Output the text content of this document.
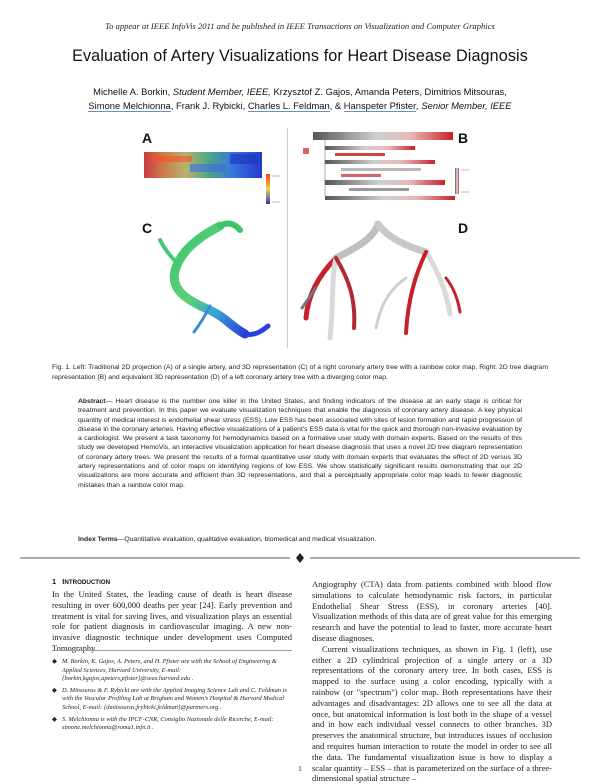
To appear at IEEE InfoVis 2011 and be published in IEEE Transactions on Visualization and Computer Graphics
Evaluation of Artery Visualizations for Heart Disease Diagnosis
Michelle A. Borkin, Student Member, IEEE, Krzysztof Z. Gajos, Amanda Peters, Dimitrios Mitsouras,
Simone Melchionna, Frank J. Rybicki, Charles L. Feldman, & Hanspeter Pfister, Senior Member, IEEE
A	B
C	D
Fig. 1. Left: Traditional 2D projection (A) of a single artery, and 3D representation (C) of a right coronary artery tree with a rainbow color map. Right: 2D tree diagram representation (B) and equivalent 3D representation (D) of a left coronary artery tree with a diverging color map.
Abstract— Heart disease is the number one killer in the United States, and finding indicators of the disease at an early stage is critical for treatment and prevention. In this paper we evaluate visualization techniques that enable the diagnosis of coronary artery disease. A key physical quantity of medical interest is endothelial shear stress (ESS). Low ESS has been associated with sites of lesion formation and rapid progression of disease in the coronary arteries. Having effective visualizations of a patient's ESS data is vital for the quick and thorough non-invasive evaluation by a cardiologist. We present a task taxonomy for hemodynamics based on a formative user study with domain experts. Based on the results of this study we developed HemoVis, an interactive visualization application for heart disease diagnosis that uses a novel 2D tree diagram representation of coronary artery trees. We present the results of a formal quantitative user study with domain experts that evaluates the effect of 2D versus 3D artery representations and of color maps on identifying regions of low ESS. We show statistically significant results demonstrating that our 2D visualizations are more accurate and efficient than 3D representations, and that a perceptually appropriate color map leads to fewer diagnostic mistakes than a rainbow color map.
Index Terms—Quantitative evaluation, qualitative evaluation, biomedical and medical visualization.
1 INTRODUCTION

In the United States, the leading cause of death is heart disease resulting in over 600,000 deaths per year [24]. Early prevention and treatment is vital for saving lives, and visualization plays an essential role for patient diagnosis in cardiovascular imaging. A new non-invasive diagnostic technique under development uses Computed Tomography

◆ M. Borkin, K. Gajos, A. Peters, and H. Pfister are with the School of Engineering & Applied Sciences, Harvard University, E-mail: {borkin,kgajos,apeters,pfister}@seas.harvard.edu .
◆ D. Mitsouras & F. Rybicki are with the Applied Imaging Science Lab and C. Feldman is with the Vascular Profiling Lab at Brigham and Women's Hospital & Harvard Medical School, E-mail: {dmitsouras,frybicki,feldman}@partners.org .
◆ S. Melchionna is with the IPCF-CNR, Consiglio Nazionale delle Ricerche, E-mail: simone.melchionna@roma1.infn.it .

Angiography (CTA) data from patients combined with blood flow simulations to calculate hemodynamic risk factors, in particular Endothelial Shear Stress (ESS), in coronary arteries [40]. Visualization methods of this data are of great value for this emerging research and have the potential to lead to faster, more accurate heart disease diagnoses.

Current visualizations techniques, as shown in Fig. 1 (left), use either a 2D cylindrical projection of a single artery or a 3D representations of the coronary artery tree. In both cases, ESS is mapped to the surface using a color encoding, typically with a rainbow (or "spectrum") color map. Both representations have their advantages and disadvantages: 2D allows one to see all the data at once, but anatomical information is lost both in the shape of a vessel and in how each individual vessel connects to other branches. 3D preserves the anatomical structure, but introduces issues of occlusion and requires human interaction to rotate the model in order to see all the data. The fundamental visualization issue is how to display a scalar quantity – ESS – that is parameterized on the surface of a three-dimensional spatial structure –

1
